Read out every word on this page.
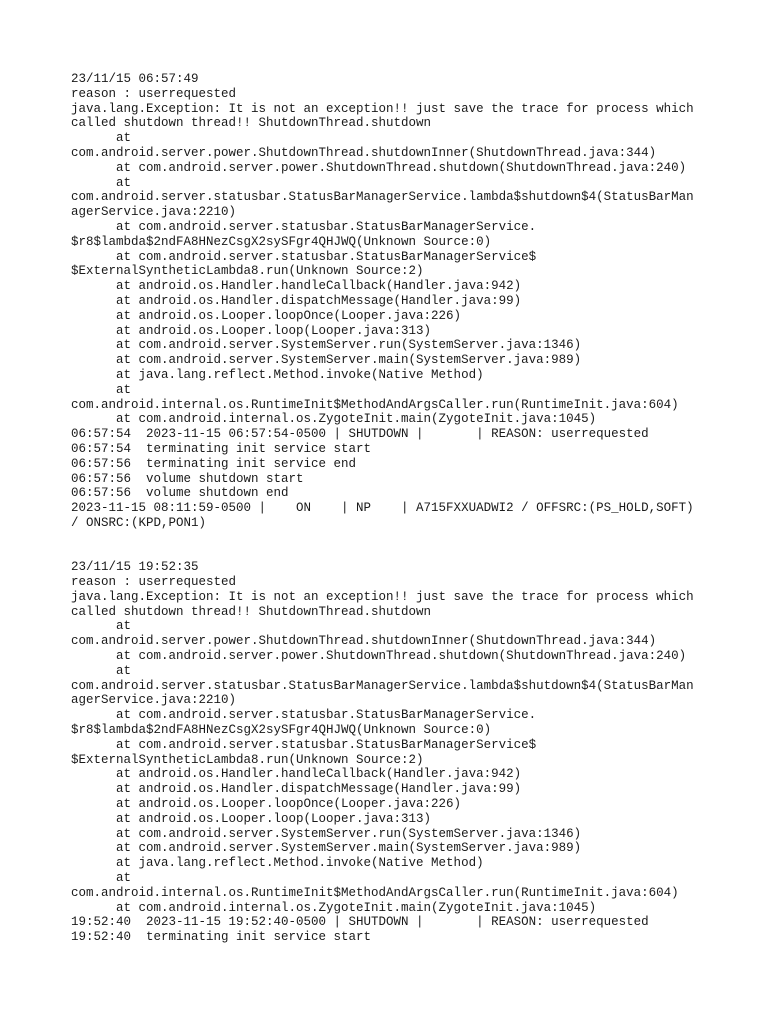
23/11/15 06:57:49
reason : userrequested
java.lang.Exception: It is not an exception!! just save the trace for process which
called shutdown thread!! ShutdownThread.shutdown
at
com.android.server.power.ShutdownThread.shutdownInner(ShutdownThread.java:344)
at com.android.server.power.ShutdownThread.shutdown(ShutdownThread.java:240)
at
com.android.server.statusbar.StatusBarManagerService.lambda$shutdown$4(StatusBarMan
agerService.java:2210)
at com.android.server.statusbar.StatusBarManagerService.
$r8$lambda$2ndFA8HNezCsgX2sySFgr4QHJWQ(Unknown Source:0)
at com.android.server.statusbar.StatusBarManagerService$
$ExternalSyntheticLambda8.run(Unknown Source:2)
at android.os.Handler.handleCallback(Handler.java:942)
at android.os.Handler.dispatchMessage(Handler.java:99)
at android.os.Looper.loopOnce(Looper.java:226)
at android.os.Looper.loop(Looper.java:313)
at com.android.server.SystemServer.run(SystemServer.java:1346)
at com.android.server.SystemServer.main(SystemServer.java:989)
at java.lang.reflect.Method.invoke(Native Method)
at
com.android.internal.os.RuntimeInit$MethodAndArgsCaller.run(RuntimeInit.java:604)
at com.android.internal.os.ZygoteInit.main(ZygoteInit.java:1045)
06:57:54  2023-11-15 06:57:54-0500 | SHUTDOWN |       | REASON: userrequested
06:57:54  terminating init service start
06:57:56  terminating init service end
06:57:56  volume shutdown start
06:57:56  volume shutdown end
2023-11-15 08:11:59-0500 |    ON    | NP    | A715FXXUADWI2 / OFFSRC:(PS_HOLD,SOFT)
/ ONSRC:(KPD,PON1)
23/11/15 19:52:35
reason : userrequested
java.lang.Exception: It is not an exception!! just save the trace for process which
called shutdown thread!! ShutdownThread.shutdown
at
com.android.server.power.ShutdownThread.shutdownInner(ShutdownThread.java:344)
at com.android.server.power.ShutdownThread.shutdown(ShutdownThread.java:240)
at
com.android.server.statusbar.StatusBarManagerService.lambda$shutdown$4(StatusBarMan
agerService.java:2210)
at com.android.server.statusbar.StatusBarManagerService.
$r8$lambda$2ndFA8HNezCsgX2sySFgr4QHJWQ(Unknown Source:0)
at com.android.server.statusbar.StatusBarManagerService$
$ExternalSyntheticLambda8.run(Unknown Source:2)
at android.os.Handler.handleCallback(Handler.java:942)
at android.os.Handler.dispatchMessage(Handler.java:99)
at android.os.Looper.loopOnce(Looper.java:226)
at android.os.Looper.loop(Looper.java:313)
at com.android.server.SystemServer.run(SystemServer.java:1346)
at com.android.server.SystemServer.main(SystemServer.java:989)
at java.lang.reflect.Method.invoke(Native Method)
at
com.android.internal.os.RuntimeInit$MethodAndArgsCaller.run(RuntimeInit.java:604)
at com.android.internal.os.ZygoteInit.main(ZygoteInit.java:1045)
19:52:40  2023-11-15 19:52:40-0500 | SHUTDOWN |       | REASON: userrequested
19:52:40  terminating init service start
